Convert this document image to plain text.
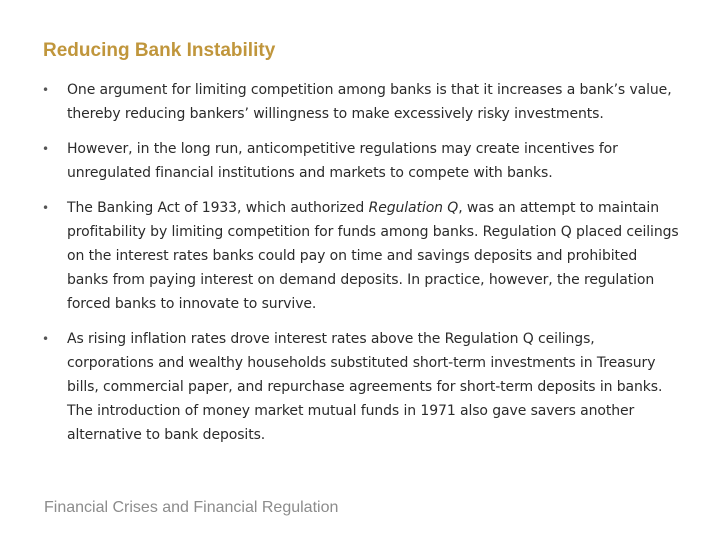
Reducing Bank Instability
• One argument for limiting competition among banks is that it increases a bank’s value, thereby reducing bankers’ willingness to make excessively risky investments.
• However, in the long run, anticompetitive regulations may create incentives for unregulated financial institutions and markets to compete with banks.
• The Banking Act of 1933, which authorized Regulation Q, was an attempt to maintain profitability by limiting competition for funds among banks. Regulation Q placed ceilings on the interest rates banks could pay on time and savings deposits and prohibited banks from paying interest on demand deposits. In practice, however, the regulation forced banks to innovate to survive.
• As rising inflation rates drove interest rates above the Regulation Q ceilings, corporations and wealthy households substituted short-term investments in Treasury bills, commercial paper, and repurchase agreements for short-term deposits in banks. The introduction of money market mutual funds in 1971 also gave savers another alternative to bank deposits.

Financial Crises and Financial Regulation
